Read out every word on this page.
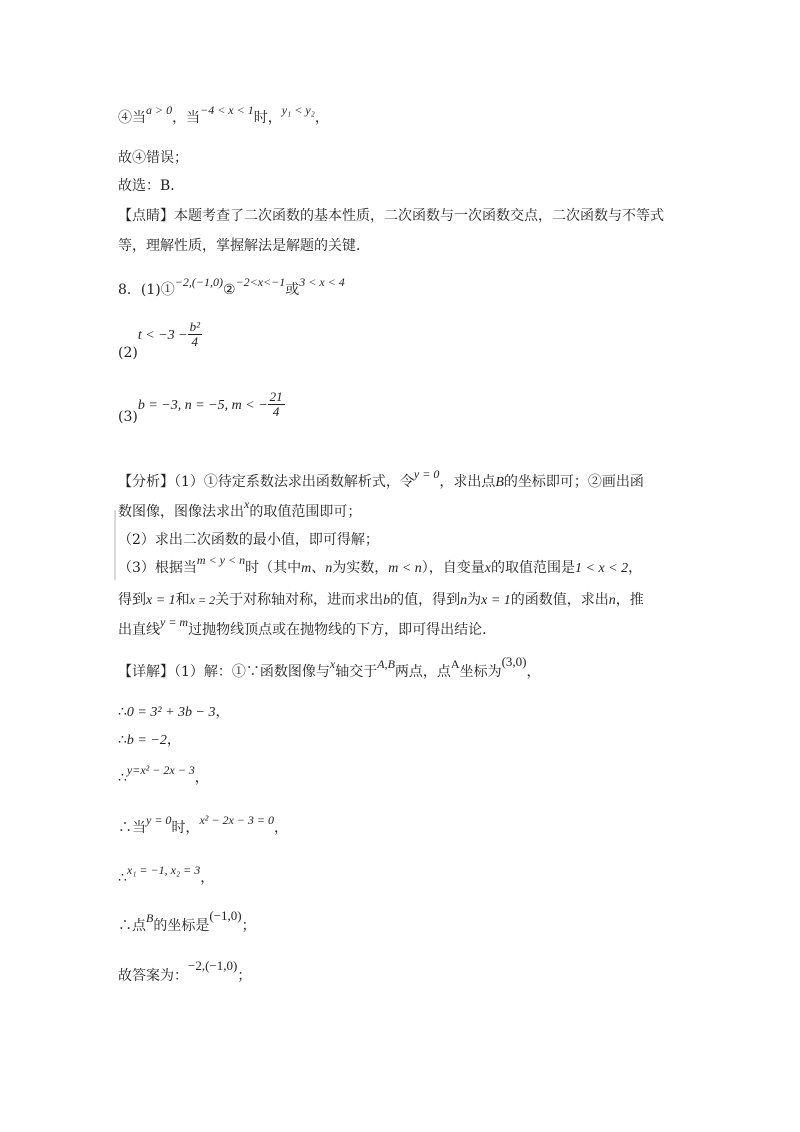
④当a > 0，当−4 < x < 1时，y₁ < y₂，
故④错误；
故选：B．
【点睛】本题考查了二次函数的基本性质，二次函数与一次函数交点，二次函数与不等式
等，理解性质，掌握解法是解题的关键．
8．(1)①−2,(−1,0)②−2<x<−1或3 < x < 4
$(2)t < -3 - \frac{\text{b²}}{4}$
(3)b = −3, n = −5, m < − $\frac{21}{4}$
【分析】（1）①待定系数法求出函数解析式，令y = 0，求出点B的坐标即可；②画出函
数图像，图像法求出x的取值范围即可；
（2）求出二次函数的最小值，即可得解；
（3）根据当m < y < n时（其中m、n为实数，m < n），自变量x的取值范围是1 < x < 2，
得到x = 1和x = 2关于对称轴对称，进而求出b的值，得到n为x = 1的函数值，求出n，推
出直线y = m过抛物线顶点或在抛物线的下方，即可得出结论．
【详解】（1）解：①∵函数图像与x轴交于A,B两点，点A坐标为(3,0)，
∴0 = 3² + 3b − 3，
∴b = −2，
∴y=x² − 2x − 3，
∴当y = 0时，x² − 2x − 3 = 0，
∴x₁ = −1, x₂ = 3，
∴点B的坐标是(−1,0)；
故答案为：−2,(−1,0)；
